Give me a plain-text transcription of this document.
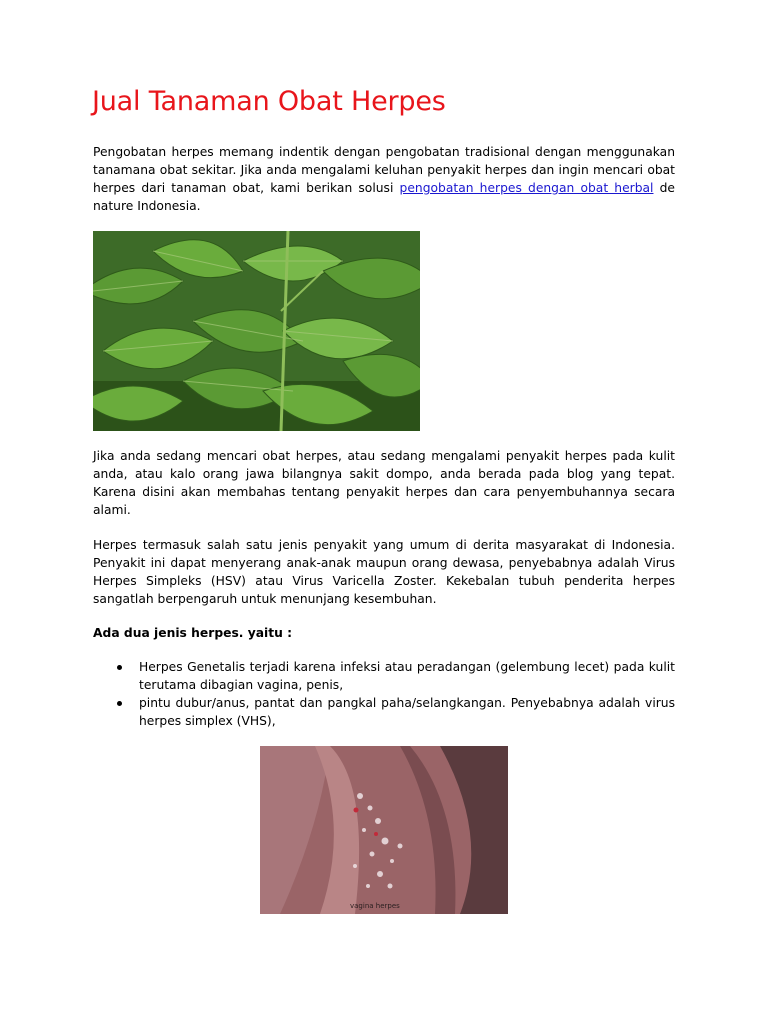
Jual Tanaman Obat Herpes

Pengobatan herpes memang indentik dengan pengobatan tradisional dengan menggunakan tanamana obat sekitar. Jika anda mengalami keluhan penyakit herpes dan ingin mencari obat herpes dari tanaman obat, kami berikan solusi pengobatan herpes dengan obat herbal de nature Indonesia.

Jika anda sedang mencari obat herpes, atau sedang mengalami penyakit herpes pada kulit anda, atau kalo orang jawa bilangnya sakit dompo, anda berada pada blog yang tepat. Karena disini akan membahas tentang penyakit herpes dan cara penyembuhannya secara alami.

Herpes termasuk salah satu jenis penyakit yang umum di derita masyarakat di Indonesia. Penyakit ini dapat menyerang anak-anak maupun orang dewasa, penyebabnya adalah Virus Herpes Simpleks (HSV) atau Virus Varicella Zoster. Kekebalan tubuh penderita herpes sangatlah berpengaruh untuk menunjang kesembuhan.

Ada dua jenis herpes. yaitu :

Herpes Genetalis terjadi karena infeksi atau peradangan (gelembung lecet) pada kulit terutama dibagian vagina, penis,
pintu dubur/anus, pantat dan pangkal paha/selangkangan. Penyebabnya adalah virus herpes simplex (VHS),
vagina herpes
